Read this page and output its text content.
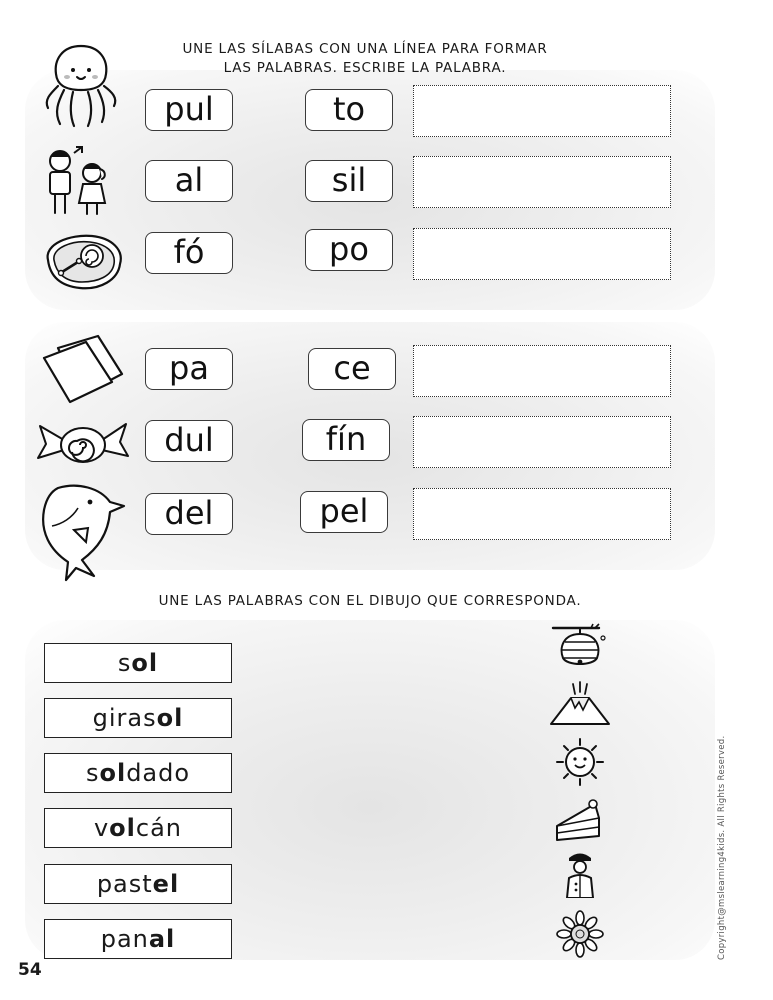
UNE LAS SÍLABAS CON UNA LÍNEA PARA FORMAR
LAS PALABRAS. ESCRIBE LA PALABRA.
pul	to
al	sil
fó	po
pa	ce
dul	fín
del	pel
UNE LAS PALABRAS CON EL DIBUJO QUE CORRESPONDA.
sol
girasol
soldado
volcán
pastel
panal
54
Copyright@mslearning4kids. All Rights Reserved.
